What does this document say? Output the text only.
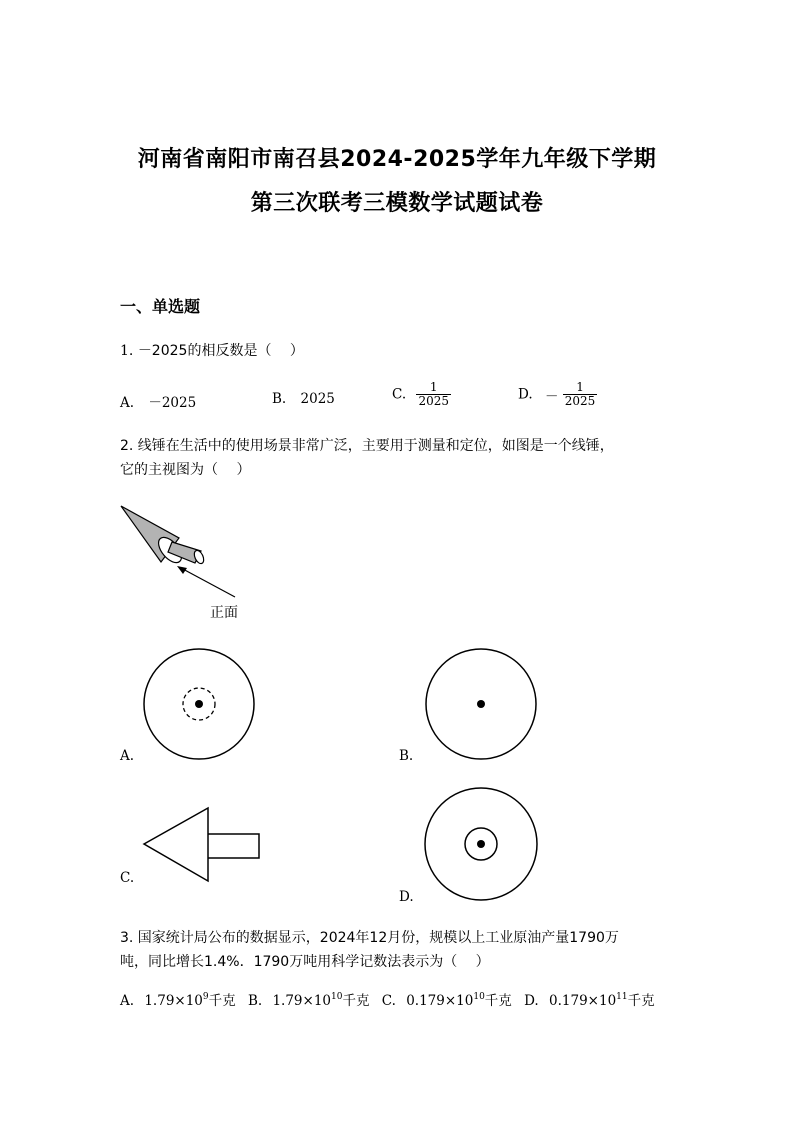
河南省南阳市南召县2024-2025学年九年级下学期
第三次联考三模数学试题试卷
一、单选题
1. －2025的相反数是（　 ）
A. －2025	B. 2025	C. $\frac{1}{2025}$	D. － $\frac{1}{2025}$
2. 线锤在生活中的使用场景非常广泛，主要用于测量和定位，如图是一个线锤，
它的主视图为（　 ）
正面
A.	B.
C.
D.
3. 国家统计局公布的数据显示，2024年12月份，规模以上工业原油产量1790万
吨，同比增长1.4%．1790万吨用科学记数法表示为（　 ）
A. $1.79\times 10^9$千克 B. $1.79\times 10^{10}$千克 C. $0.179\times 10^{10}$千克 D. $0.179\times 10^{11}$千克
